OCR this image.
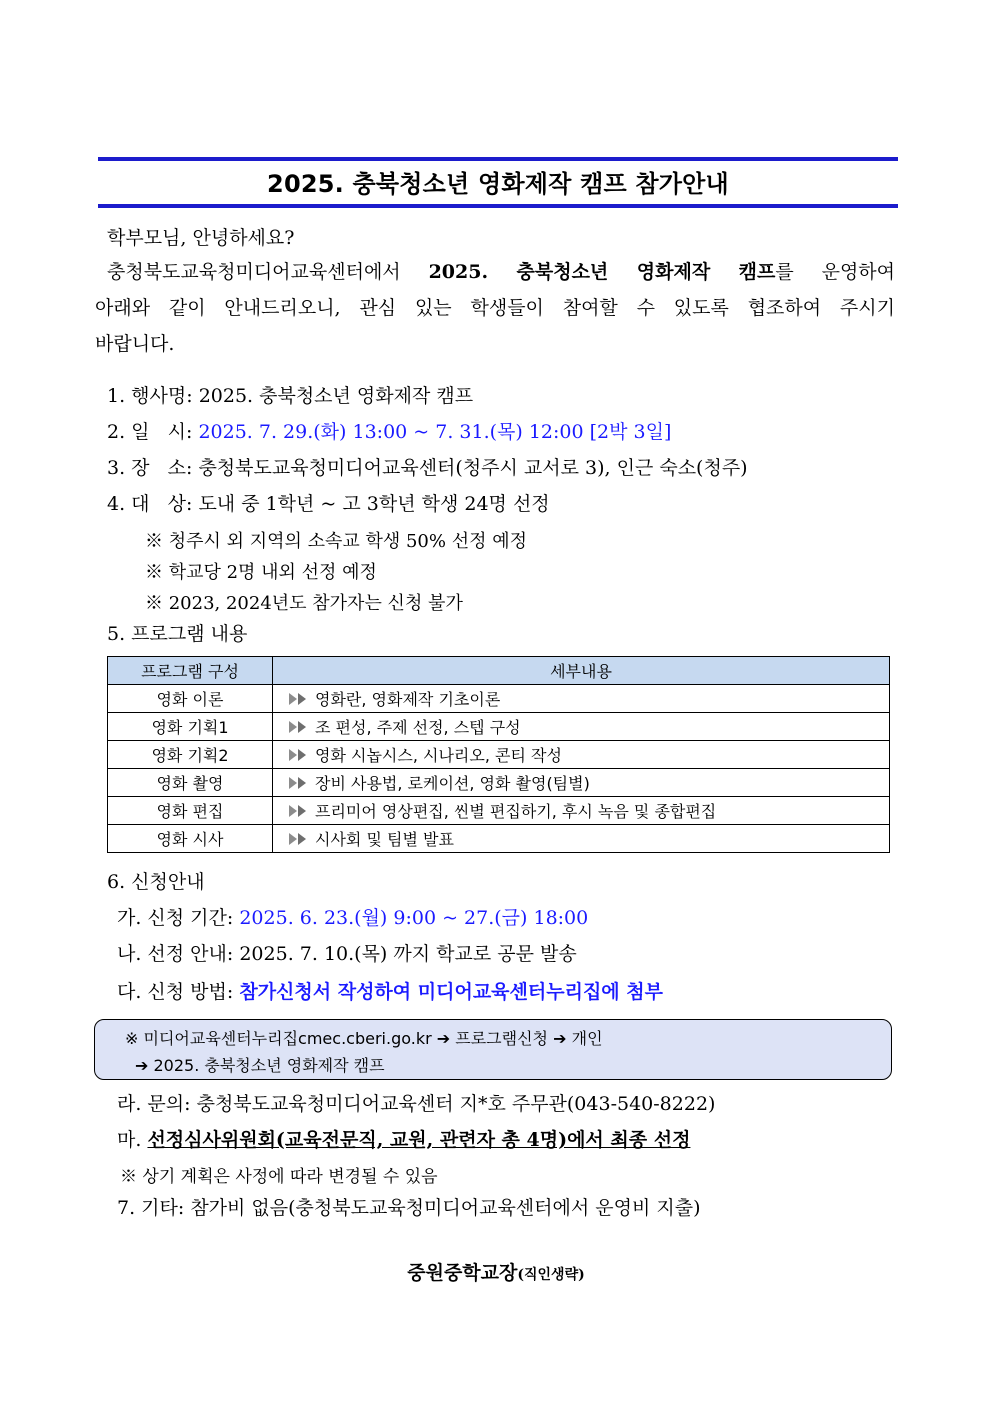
2025. 충북청소년 영화제작 캠프 참가안내
학부모님, 안녕하세요?
충청북도교육청미디어교육센터에서 2025. 충북청소년 영화제작 캠프를 운영하여
아래와 같이 안내드리오니, 관심 있는 학생들이 참여할 수 있도록 협조하여 주시기
바랍니다.
1. 행사명: 2025. 충북청소년 영화제작 캠프
2. 일   시: 2025. 7. 29.(화) 13:00 ~ 7. 31.(목) 12:00 [2박 3일]
3. 장   소: 충청북도교육청미디어교육센터(청주시 교서로 3), 인근 숙소(청주)
4. 대   상: 도내 중 1학년 ~ 고 3학년 학생 24명 선정
※ 청주시 외 지역의 소속교 학생 50% 선정 예정
※ 학교당 2명 내외 선정 예정
※ 2023, 2024년도 참가자는 신청 불가
5. 프로그램 내용
프로그램 구성	세부내용
영화 이론	영화란, 영화제작 기초이론
영화 기획1	조 편성, 주제 선정, 스텝 구성
영화 기획2	영화 시놉시스, 시나리오, 콘티 작성
영화 촬영	장비 사용법, 로케이션, 영화 촬영(팀별)
영화 편집	프리미어 영상편집, 씬별 편집하기, 후시 녹음 및 종합편집
영화 시사	시사회 및 팀별 발표
6. 신청안내
가. 신청 기간: 2025. 6. 23.(월) 9:00 ~ 27.(금) 18:00
나. 선정 안내: 2025. 7. 10.(목) 까지 학교로 공문 발송
다. 신청 방법: 참가신청서 작성하여 미디어교육센터누리집에 첨부
※ 미디어교육센터누리집cmec.cberi.go.kr ➔ 프로그램신청 ➔ 개인
➔ 2025. 충북청소년 영화제작 캠프
라. 문의: 충청북도교육청미디어교육센터 지*호 주무관(043-540-8222)
마. 선정심사위원회(교육전문직, 교원, 관련자 총 4명)에서 최종 선정
※ 상기 계획은 사정에 따라 변경될 수 있음
7. 기타: 참가비 없음(충청북도교육청미디어교육센터에서 운영비 지출)
중원중학교장(직인생략)
